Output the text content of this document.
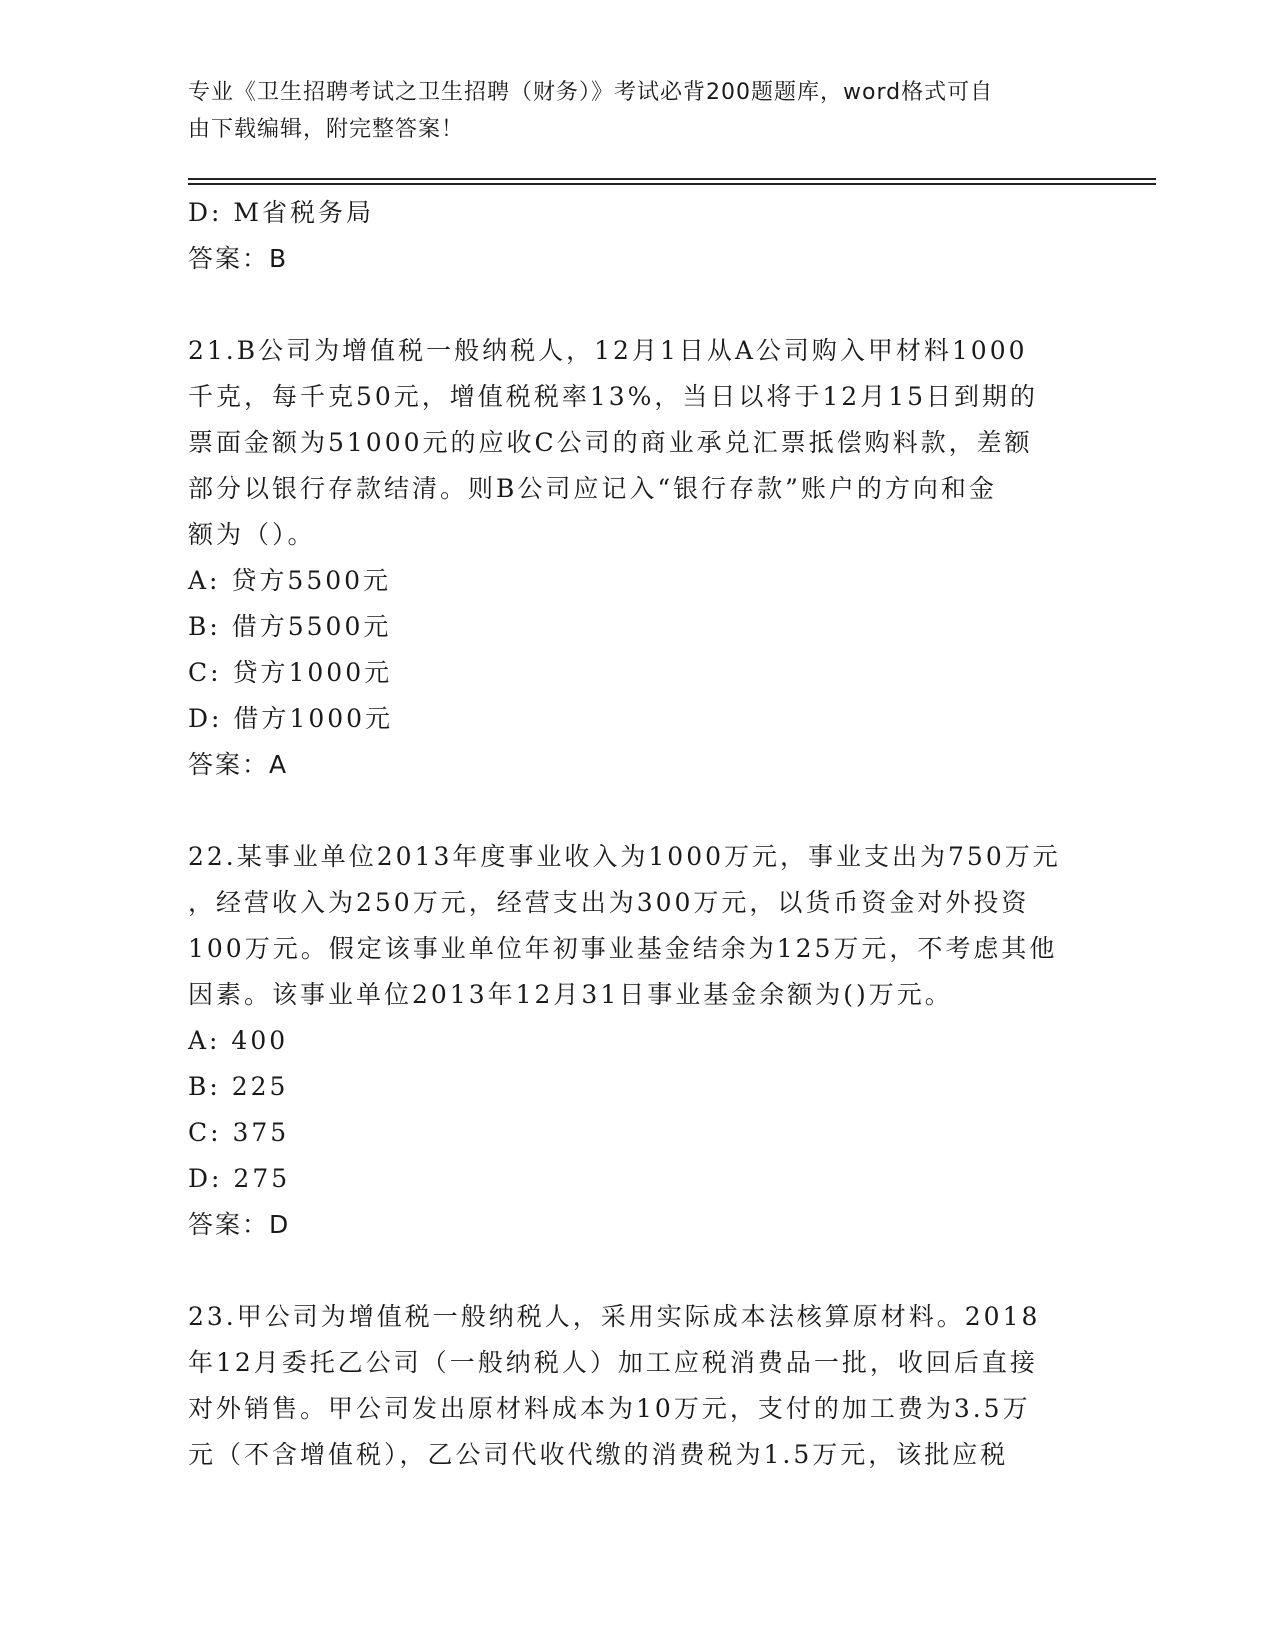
专业《卫生招聘考试之卫生招聘（财务）》考试必背200题题库，word格式可自
由下载编辑，附完整答案！
D: M省税务局
答案：B
21.B公司为增值税一般纳税人，12月1日从A公司购入甲材料1000
千克，每千克50元，增值税税率13%，当日以将于12月15日到期的
票面金额为51000元的应收C公司的商业承兑汇票抵偿购料款，差额
部分以银行存款结清。则B公司应记入“银行存款”账户的方向和金
额为（）。
A: 贷方5500元
B: 借方5500元
C: 贷方1000元
D: 借方1000元
答案：A
22.某事业单位2013年度事业收入为1000万元，事业支出为750万元
，经营收入为250万元，经营支出为300万元，以货币资金对外投资
100万元。假定该事业单位年初事业基金结余为125万元，不考虑其他
因素。该事业单位2013年12月31日事业基金余额为()万元。
A: 400
B: 225
C: 375
D: 275
答案：D
23.甲公司为增值税一般纳税人，采用实际成本法核算原材料。2018
年12月委托乙公司（一般纳税人）加工应税消费品一批，收回后直接
对外销售。甲公司发出原材料成本为10万元，支付的加工费为3.5万
元（不含增值税），乙公司代收代缴的消费税为1.5万元，该批应税
